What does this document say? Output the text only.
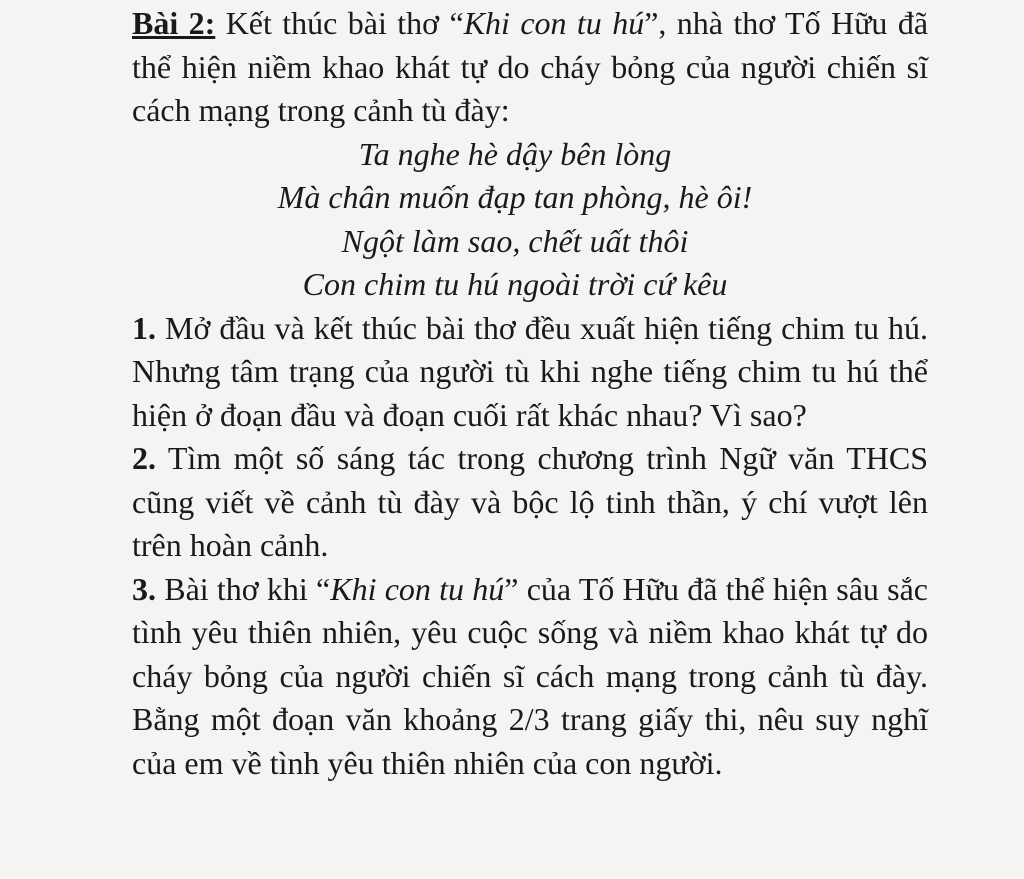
Bài 2: Kết thúc bài thơ “Khi con tu hú”, nhà thơ Tố Hữu đã thể hiện niềm khao khát tự do cháy bỏng của người chiến sĩ cách mạng trong cảnh tù đày:

Ta nghe hè dậy bên lòng
Mà chân muốn đạp tan phòng, hè ôi!
Ngột làm sao, chết uất thôi
Con chim tu hú ngoài trời cứ kêu

1. Mở đầu và kết thúc bài thơ đều xuất hiện tiếng chim tu hú. Nhưng tâm trạng của người tù khi nghe tiếng chim tu hú thể hiện ở đoạn đầu và đoạn cuối rất khác nhau? Vì sao?

2. Tìm một số sáng tác trong chương trình Ngữ văn THCS cũng viết về cảnh tù đày và bộc lộ tinh thần, ý chí vượt lên trên hoàn cảnh.

3. Bài thơ khi “Khi con tu hú” của Tố Hữu đã thể hiện sâu sắc tình yêu thiên nhiên, yêu cuộc sống và niềm khao khát tự do cháy bỏng của người chiến sĩ cách mạng trong cảnh tù đày. Bằng một đoạn văn khoảng 2/3 trang giấy thi, nêu suy nghĩ của em về tình yêu thiên nhiên của con người.
